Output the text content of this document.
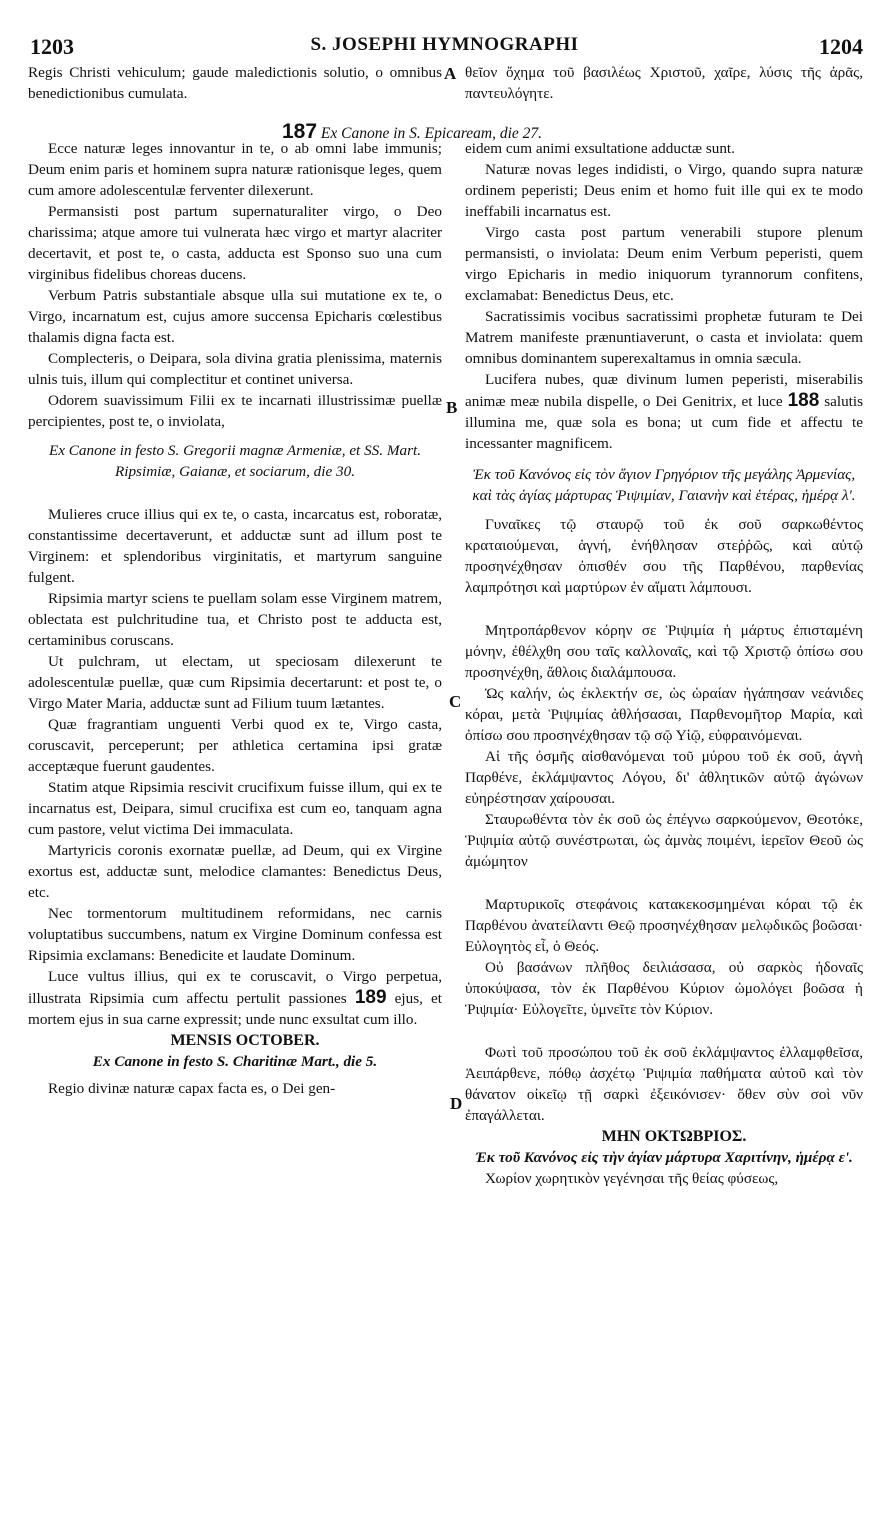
1203	S. JOSEPHI HYMNOGRAPHI	1204
A
B
C
D
187 Ex Canone in S. Epicaream, die 27.

Regis Christi vehiculum; gaude maledictionis solutio, o omnibus benedictionibus cumulata.

Ecce naturæ leges innovantur in te, o ab omni labe immunis; Deum enim paris et hominem supra naturæ rationisque leges, quem cum amore adolescentulæ ferventer dilexerunt.

Permansisti post partum supernaturaliter virgo, o Deo charissima; atque amore tui vulnerata hæc virgo et martyr alacriter decertavit, et post te, o casta, adducta est Sponso suo una cum virginibus fidelibus choreas ducens.

Verbum Patris substantiale absque ulla sui mutatione ex te, o Virgo, incarnatum est, cujus amore succensa Epicharis cœlestibus thalamis digna facta est.

Complecteris, o Deipara, sola divina gratia plenissima, maternis ulnis tuis, illum qui complectitur et continet universa.

Odorem suavissimum Filii ex te incarnati illustrissimæ puellæ percipientes, post te, o inviolata,

Ex Canone in festo S. Gregorii magnæ Armeniæ, et SS. Mart. Ripsimiæ, Gaianæ, et sociarum, die 30.

Mulieres cruce illius qui ex te, o casta, incarcatus est, roboratæ, constantissime decertaverunt, et adductæ sunt ad illum post te Virginem: et splendoribus virginitatis, et martyrum sanguine fulgent.

Ripsimia martyr sciens te puellam solam esse Virginem matrem, oblectata est pulchritudine tua, et Christo post te adducta est, certaminibus coruscans.

Ut pulchram, ut electam, ut speciosam dilexerunt te adolescentulæ puellæ, quæ cum Ripsimia decertarunt: et post te, o Virgo Mater Maria, adductæ sunt ad Filium tuum lætantes.

Quæ fragrantiam unguenti Verbi quod ex te, Virgo casta, coruscavit, perceperunt; per athletica certamina ipsi gratæ acceptæque fuerunt gaudentes.

Statim atque Ripsimia rescivit crucifixum fuisse illum, qui ex te incarnatus est, Deipara, simul crucifixa est cum eo, tanquam agna cum pastore, velut victima Dei immaculata.

Martyricis coronis exornatæ puellæ, ad Deum, qui ex Virgine exortus est, adductæ sunt, melodice clamantes: Benedictus Deus, etc.

Nec tormentorum multitudinem reformidans, nec carnis voluptatibus succumbens, natum ex Virgine Dominum confessa est Ripsimia exclamans: Benedicite et laudate Dominum.

Luce vultus illius, qui ex te coruscavit, o Virgo perpetua, illustrata Ripsimia cum affectu pertulit passiones 189 ejus, et mortem ejus in sua carne expressit; unde nunc exsultat cum illo.

MENSIS OCTOBER.

Ex Canone in festo S. Charitinæ Mart., die 5.

Regio divinæ naturæ capax facta es, o Dei gen-

θεῖον ὄχημα τοῦ βασιλέως Χριστοῦ, χαῖρε, λύσις τῆς ἀρᾶς, παντευλόγητε.

eidem cum animi exsultatione adductæ sunt.

Naturæ novas leges indidisti, o Virgo, quando supra naturæ ordinem peperisti; Deus enim et homo fuit ille qui ex te modo ineffabili incarnatus est.

Virgo casta post partum venerabili stupore plenum permansisti, o inviolata: Deum enim Verbum peperisti, quem virgo Epicharis in medio iniquorum tyrannorum confitens, exclamabat: Benedictus Deus, etc.

Sacratissimis vocibus sacratissimi prophetæ futuram te Dei Matrem manifeste prænuntiaverunt, o casta et inviolata: quem omnibus dominantem superexaltamus in omnia sæcula.

Lucifera nubes, quæ divinum lumen peperisti, miserabilis animæ meæ nubila dispelle, o Dei Genitrix, et luce 188 salutis illumina me, quæ sola es bona; ut cum fide et affectu te incessanter magnificem.

Ἐκ τοῦ Κανόνος εἰς τὸν ἅγιον Γρηγόριον τῆς μεγάλης Ἀρμενίας, καὶ τὰς ἁγίας μάρτυρας Ῥιψιμίαν, Γαιανὴν καὶ ἑτέρας, ἡμέρᾳ λ'.

Γυναῖκες τῷ σταυρῷ τοῦ ἐκ σοῦ σαρκωθέντος κραταιούμεναι, ἁγνή, ἐνήθλησαν στεῤῥῶς, καὶ αὐτῷ προσηνέχθησαν ὀπισθέν σου τῆς Παρθένου, παρθενίας λαμπρότησι καὶ μαρτύρων ἐν αἵματι λάμπουσι.

Μητροπάρθενον κόρην σε Ῥιψιμία ἡ μάρτυς ἐπισταμένη μόνην, ἐθέλχθη σου ταῖς καλλοναῖς, καὶ τῷ Χριστῷ ὀπίσω σου προσηνέχθη, ἄθλοις διαλάμπουσα.

Ὡς καλήν, ὡς ἐκλεκτήν σε, ὡς ὡραίαν ἠγάπησαν νεάνιδες κόραι, μετὰ Ῥιψιμίας ἀθλήσασαι, Παρθενομῆτορ Μαρία, καὶ ὀπίσω σου προσηνέχθησαν τῷ σῷ Υἱῷ, εὐφραινόμεναι.

Αἱ τῆς ὀσμῆς αἰσθανόμεναι τοῦ μύρου τοῦ ἐκ σοῦ, ἁγνὴ Παρθένε, ἐκλάμψαντος Λόγου, δι' ἀθλητικῶν αὐτῷ ἀγώνων εὐηρέστησαν χαίρουσαι.

Σταυρωθέντα τὸν ἐκ σοῦ ὡς ἐπέγνω σαρκούμενον, Θεοτόκε, Ῥιψιμία αὐτῷ συνέστρωται, ὡς ἀμνὰς ποιμένι, ἱερεῖον Θεοῦ ὡς ἀμώμητον

Μαρτυρικοῖς στεφάνοις κατακεκοσμημέναι κόραι τῷ ἐκ Παρθένου ἀνατείλαντι Θεῷ προσηνέχθησαν μελῳδικῶς βοῶσαι· Εὐλογητὸς εἶ, ὁ Θεός.

Οὐ βασάνων πλῆθος δειλιάσασα, οὐ σαρκὸς ἡδοναῖς ὑποκύψασα, τὸν ἐκ Παρθένου Κύριον ὡμολόγει βοῶσα ἡ Ῥιψιμία· Εὐλογεῖτε, ὑμνεῖτε τὸν Κύριον.

Φωτὶ τοῦ προσώπου τοῦ ἐκ σοῦ ἐκλάμψαντος ἐλλαμφθεῖσα, Ἀειπάρθενε, πόθῳ ἀσχέτῳ Ῥιψιμία παθήματα αὐτοῦ καὶ τὸν θάνατον οἰκεῖῳ τῇ σαρκὶ ἐξεικόνισεν· ὅθεν σὺν σοὶ νῦν ἐπαγάλλεται.

ΜΗΝ ΟΚΤΩΒΡΙΟΣ.

Ἐκ τοῦ Κανόνος εἰς τὴν ἁγίαν μάρτυρα Χαριτίνην, ἡμέρᾳ ε'.

Χωρίον χωρητικὸν γεγένησαι τῆς θείας φύσεως,
